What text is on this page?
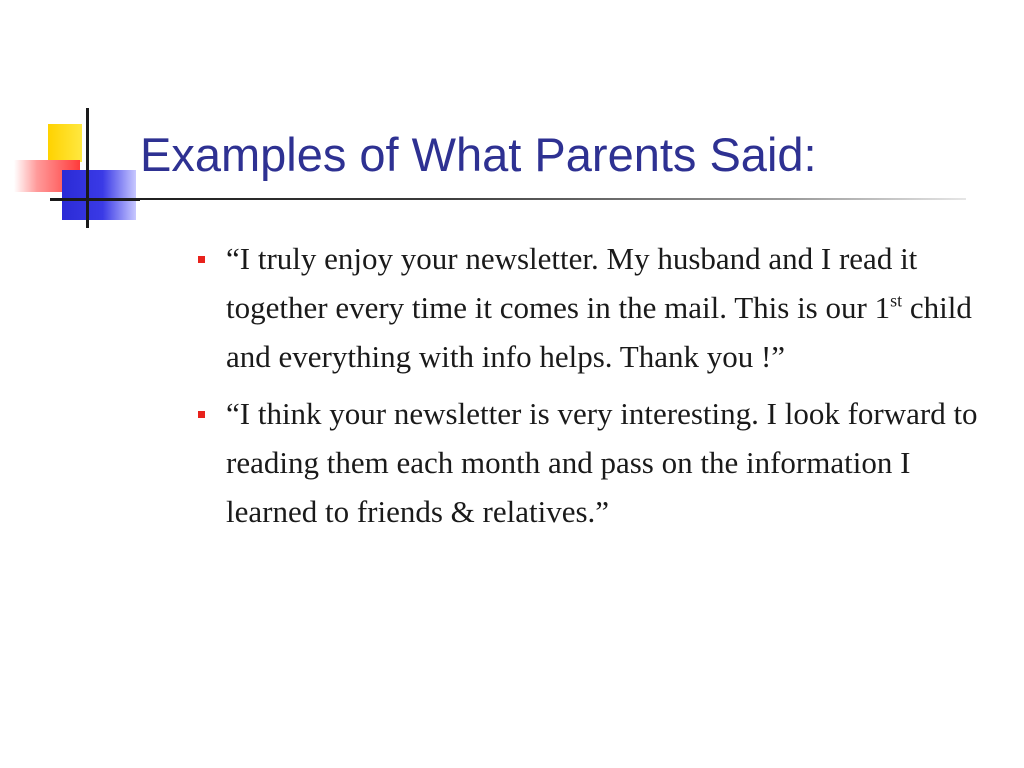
Examples of What Parents Said:
“I truly enjoy your newsletter. My husband and I read it together every time it comes in the mail. This is our 1st child and everything with info helps. Thank you !”
“I think your newsletter is very interesting. I look forward to reading them each month and pass on the information I learned to friends & relatives.”
